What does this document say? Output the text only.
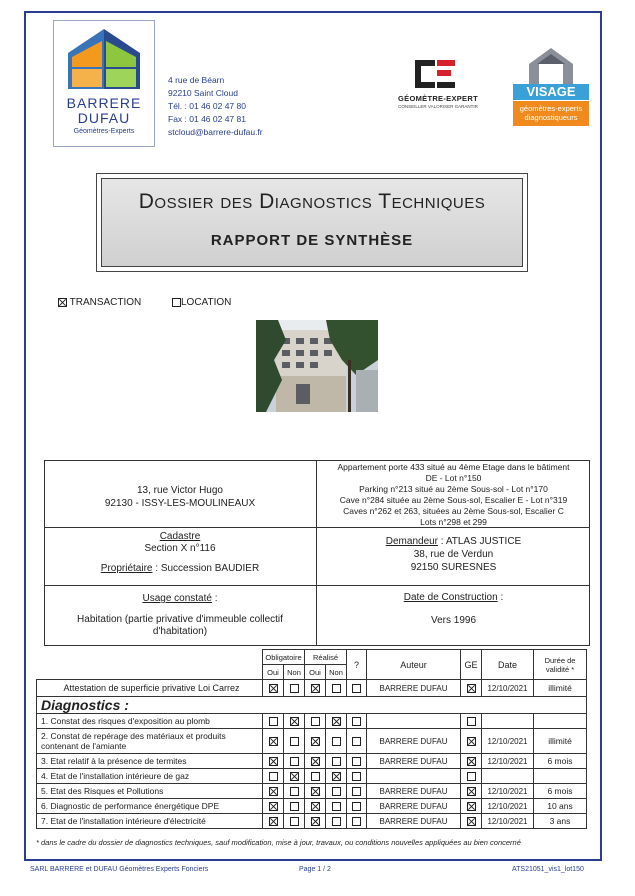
BARRERE
DUFAU
Géomètres-Experts
4 rue de Béarn
92210 Saint Cloud
Tél. : 01 46 02 47 80
Fax : 01 46 02 47 81
stcloud@barrere-dufau.fr
GÉOMÈTRE-EXPERT
CONSEILLER VALORISER GARANTIR
VISAGE
géomètres-experts
diagnostiqueurs
Dossier des Diagnostics Techniques
RAPPORT DE SYNTHÈSE
TRANSACTION	LOCATION
13, rue Victor Hugo
92130 - ISSY-LES-MOULINEAUX
Appartement porte 433 situé au 4ème Etage dans le bâtiment
DE - Lot n°150
Parking n°213 situé au 2ème Sous-sol - Lot n°170
Cave n°284 située au 2ème Sous-sol, Escalier E - Lot n°319
Caves n°262 et 263, situées au 2ème Sous-sol, Escalier C
Lots n°298 et 299
Cadastre
Section X n°116
Propriétaire : Succession BAUDIER
Demandeur : ATLAS JUSTICE
38, rue de Verdun
92150 SURESNES
Usage constaté :
Habitation (partie privative d'immeuble collectif d'habitation)
Date de Construction :
Vers 1996
	Obligatoire		Réalisé		?	Auteur	GE	Date	Durée de validité *
	Oui	Non	Oui	Non					
Attestation de superficie privative Loi Carrez						BARRERE DUFAU		12/10/2021	illimité
Diagnostics :									
1. Constat des risques d'exposition au plomb									
2. Constat de repérage des matériaux et produits contenant de l'amiante						BARRERE DUFAU		12/10/2021	illimité
3. Etat relatif à la présence de termites						BARRERE DUFAU		12/10/2021	6 mois
4. Etat de l'installation intérieure de gaz									
5. Etat des Risques et Pollutions						BARRERE DUFAU		12/10/2021	6 mois
6. Diagnostic de performance énergétique DPE						BARRERE DUFAU		12/10/2021	10 ans
7. Etat de l'installation intérieure d'électricité						BARRERE DUFAU		12/10/2021	3 ans
* dans le cadre du dossier de diagnostics techniques, sauf modification, mise à jour, travaux, ou conditions nouvelles appliquées au bien concerné
SARL BARRERE et DUFAU Géomètres Experts Fonciers	Page 1 / 2	ATS21051_vis1_lot150
